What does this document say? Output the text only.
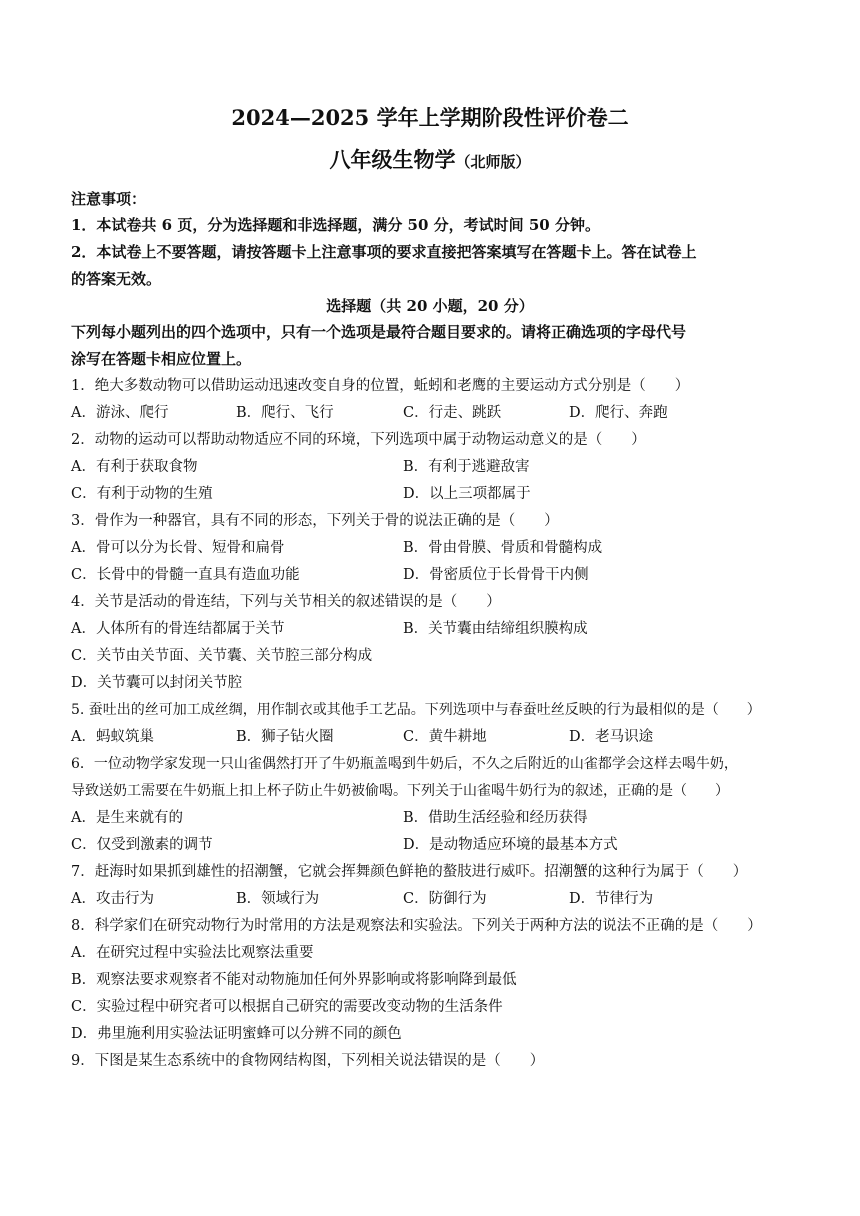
2024—2025 学年上学期阶段性评价卷二
八年级生物学（北师版）
注意事项：
1．本试卷共 6 页，分为选择题和非选择题，满分 50 分，考试时间 50 分钟。
2．本试卷上不要答题，请按答题卡上注意事项的要求直接把答案填写在答题卡上。答在试卷上
的答案无效。
选择题（共 20 小题，20 分）
下列每小题列出的四个选项中，只有一个选项是最符合题目要求的。请将正确选项的字母代号
涂写在答题卡相应位置上。
1．绝大多数动物可以借助运动迅速改变自身的位置，蚯蚓和老鹰的主要运动方式分别是（　　）
A．游泳、爬行	B．爬行、飞行	C．行走、跳跃	D．爬行、奔跑
2．动物的运动可以帮助动物适应不同的环境，下列选项中属于动物运动意义的是（　　）
A．有利于获取食物	B．有利于逃避敌害
C．有利于动物的生殖	D．以上三项都属于
3．骨作为一种器官，具有不同的形态，下列关于骨的说法正确的是（　　）
A．骨可以分为长骨、短骨和扁骨	B．骨由骨膜、骨质和骨髓构成
C．长骨中的骨髓一直具有造血功能	D．骨密质位于长骨骨干内侧
4．关节是活动的骨连结，下列与关节相关的叙述错误的是（　　）
A．人体所有的骨连结都属于关节	B．关节囊由结缔组织膜构成
C．关节由关节面、关节囊、关节腔三部分构成
D．关节囊可以封闭关节腔
5. 蚕吐出的丝可加工成丝绸，用作制衣或其他手工艺品。下列选项中与春蚕吐丝反映的行为最相似的是（　　）
A．蚂蚁筑巢	B．狮子钻火圈	C．黄牛耕地	D．老马识途
6．一位动物学家发现一只山雀偶然打开了牛奶瓶盖喝到牛奶后，不久之后附近的山雀都学会这样去喝牛奶，
导致送奶工需要在牛奶瓶上扣上杯子防止牛奶被偷喝。下列关于山雀喝牛奶行为的叙述，正确的是（　　）
A．是生来就有的	B．借助生活经验和经历获得
C．仅受到激素的调节	D．是动物适应环境的最基本方式
7．赶海时如果抓到雄性的招潮蟹，它就会挥舞颜色鲜艳的螯肢进行威吓。招潮蟹的这种行为属于（　　）
A．攻击行为	B．领域行为	C．防御行为	D．节律行为
8．科学家们在研究动物行为时常用的方法是观察法和实验法。下列关于两种方法的说法不正确的是（　　）
A．在研究过程中实验法比观察法重要
B．观察法要求观察者不能对动物施加任何外界影响或将影响降到最低
C．实验过程中研究者可以根据自己研究的需要改变动物的生活条件
D．弗里施利用实验法证明蜜蜂可以分辨不同的颜色
9．下图是某生态系统中的食物网结构图，下列相关说法错误的是（　　）
